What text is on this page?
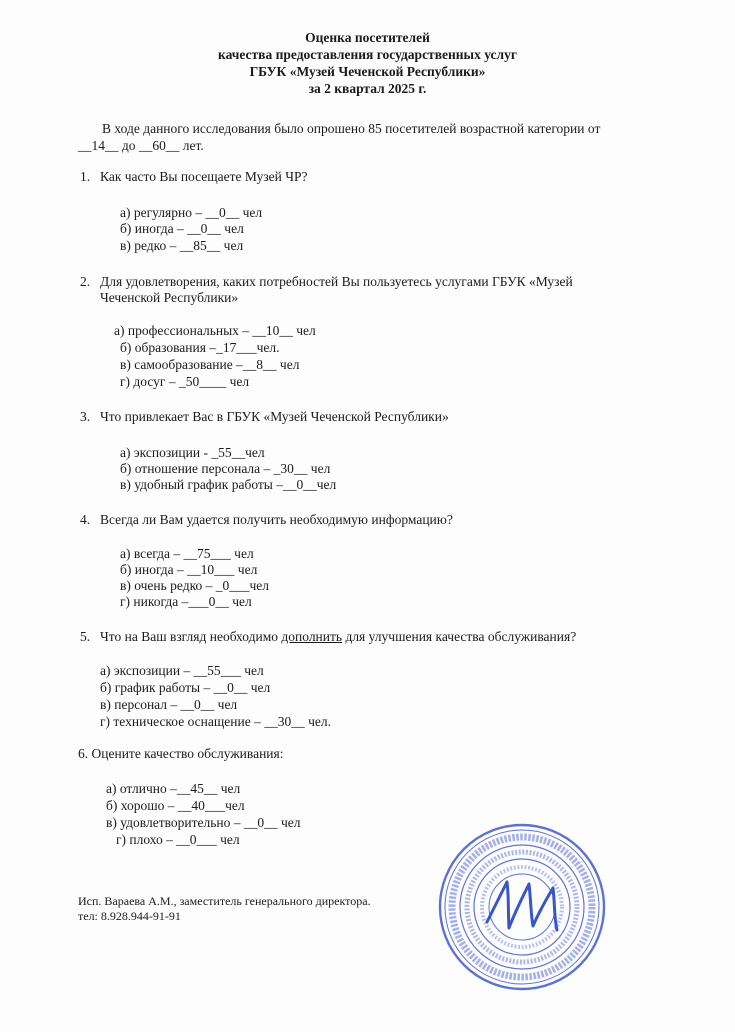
Оценка посетителей
качества предоставления государственных услуг
ГБУК «Музей Чеченской Республики»
за 2 квартал 2025 г.
В ходе данного исследования было опрошено 85 посетителей возрастной категории от
__14__ до __60__ лет.
1. Как часто Вы посещаете Музей ЧР?
а) регулярно – __0__ чел
б) иногда – __0__ чел
в) редко – __85__ чел
2. Для удовлетворения, каких потребностей Вы пользуетесь услугами ГБУК «Музей
Чеченской Республики»
а) профессиональных – __10__ чел
б) образования –_17___чел.
в) самообразование –__8__ чел
г) досуг – _50____ чел
3. Что привлекает Вас в ГБУК «Музей Чеченской Республики»
а) экспозиции - _55__чел
б) отношение персонала – _30__ чел
в) удобный график работы –__0__чел
4. Всегда ли Вам удается получить необходимую информацию?
а) всегда – __75___ чел
б) иногда – __10___ чел
в) очень редко – _0___чел
г) никогда –___0__ чел
5. Что на Ваш взгляд необходимо дополнить для улучшения качества обслуживания?
а) экспозиции – __55___ чел
б) график работы – __0__ чел
в) персонал – __0__ чел
г) техническое оснащение – __30__ чел.
6. Оцените качество обслуживания:
а) отлично –__45__ чел
б) хорошо – __40___чел
в) удовлетворительно – __0__ чел
г) плохо – __0___ чел
Исп. Вараева А.М., заместитель генерального директора.
тел: 8.928.944-91-91
